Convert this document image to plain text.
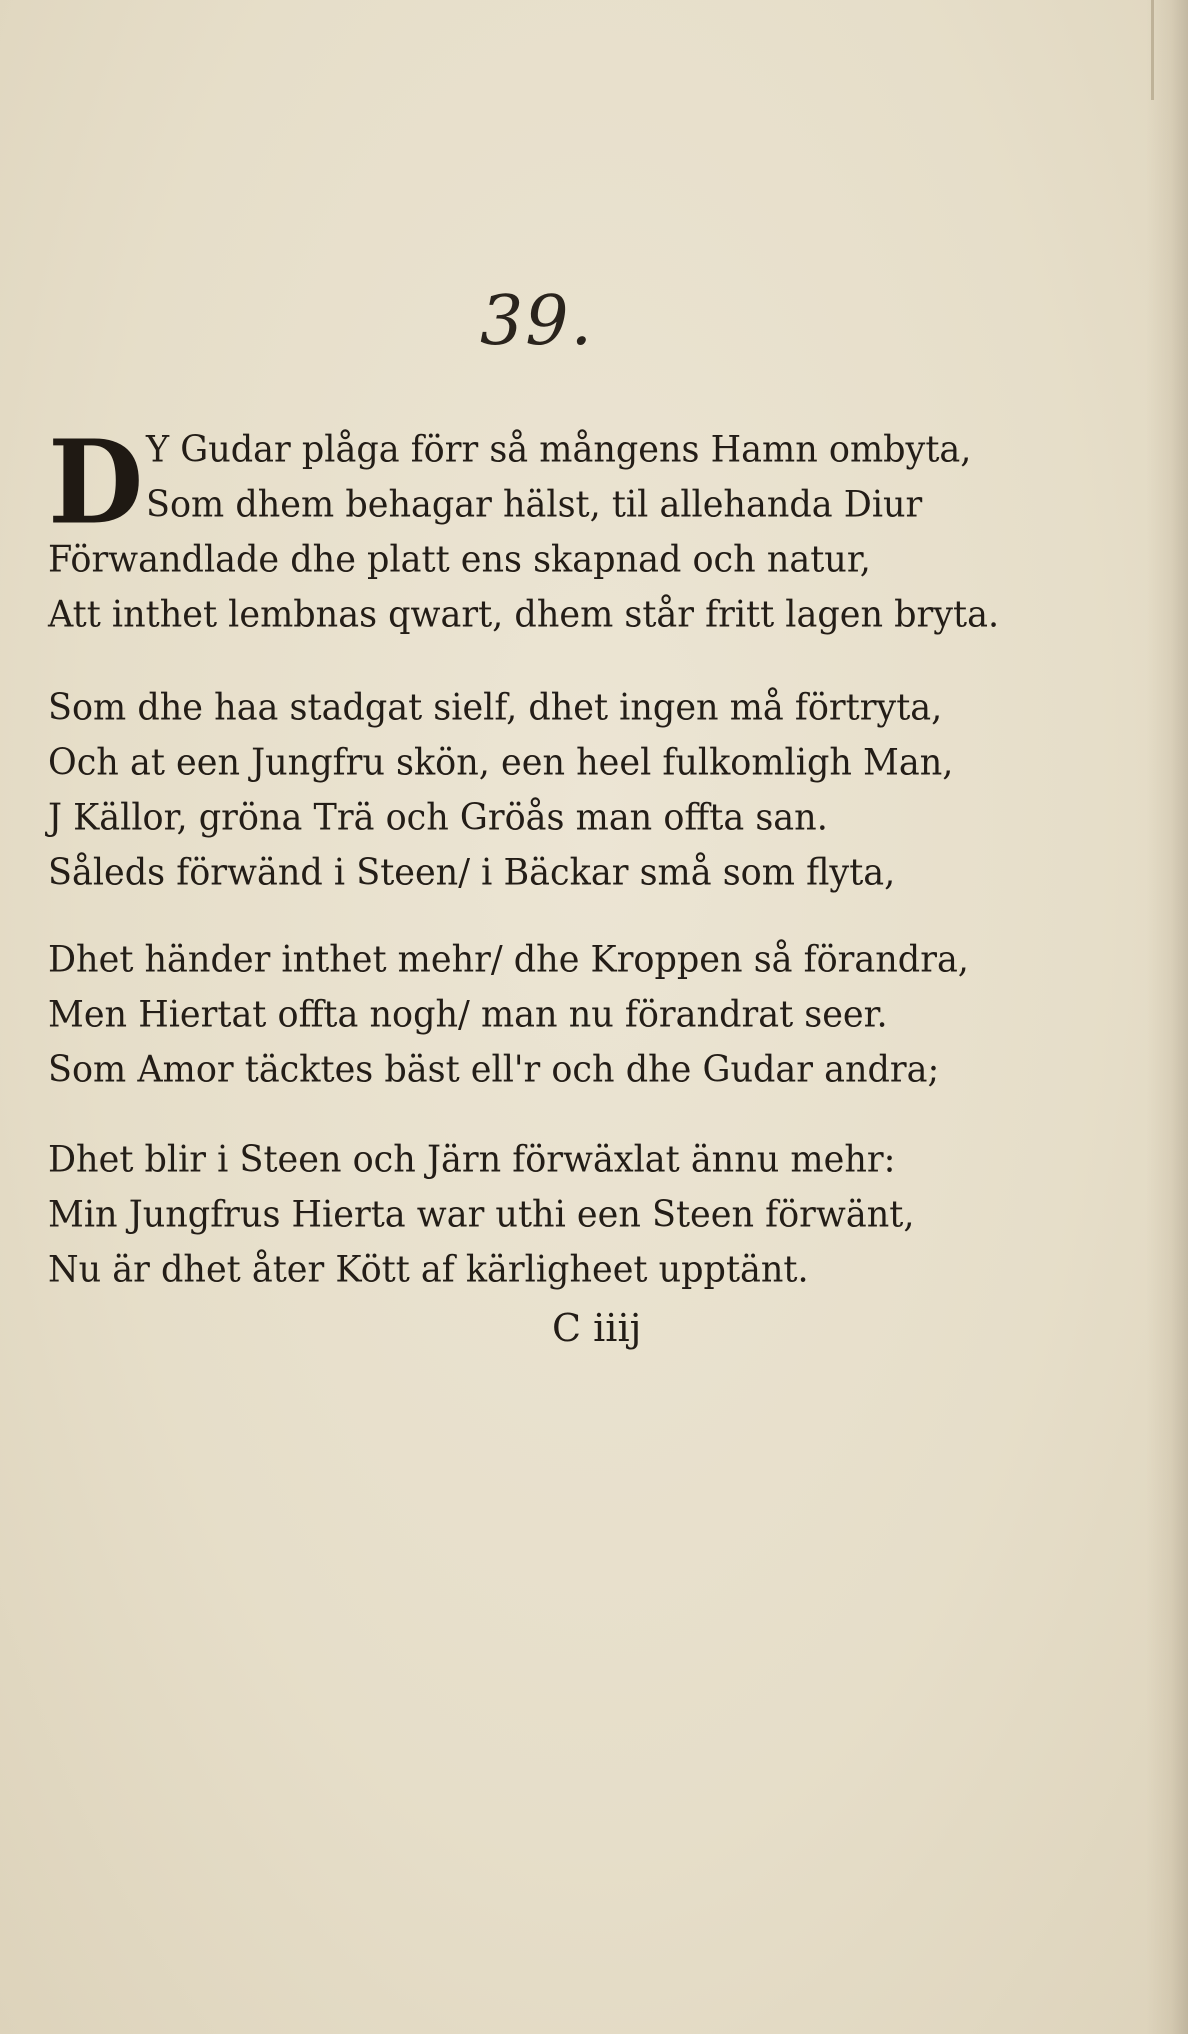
39.
D Y Gudar plåga förr så mångens Hamn ombyta,
Som dhem behagar hälst, til allehanda Diur
Förwandlade dhe platt ens skapnad och natur,
Att inthet lembnas qwart, dhem står fritt lagen bryta.
Som dhe haa stadgat sielf, dhet ingen må förtryta,
Och at een Jungfru skön, een heel fulkomligh Man,
J Källor, gröna Trä och Gröås man offta san.
Såleds förwänd i Steen/ i Bäckar små som flyta,
Dhet händer inthet mehr/ dhe Kroppen så förandra,
Men Hiertat offta nogh/ man nu förandrat seer.
Som Amor täcktes bäst ell'r och dhe Gudar andra;
Dhet blir i Steen och Järn förwäxlat ännu mehr:
Min Jungfrus Hierta war uthi een Steen förwänt,
Nu är dhet åter Kött af kärligheet upptänt.
C iiij
